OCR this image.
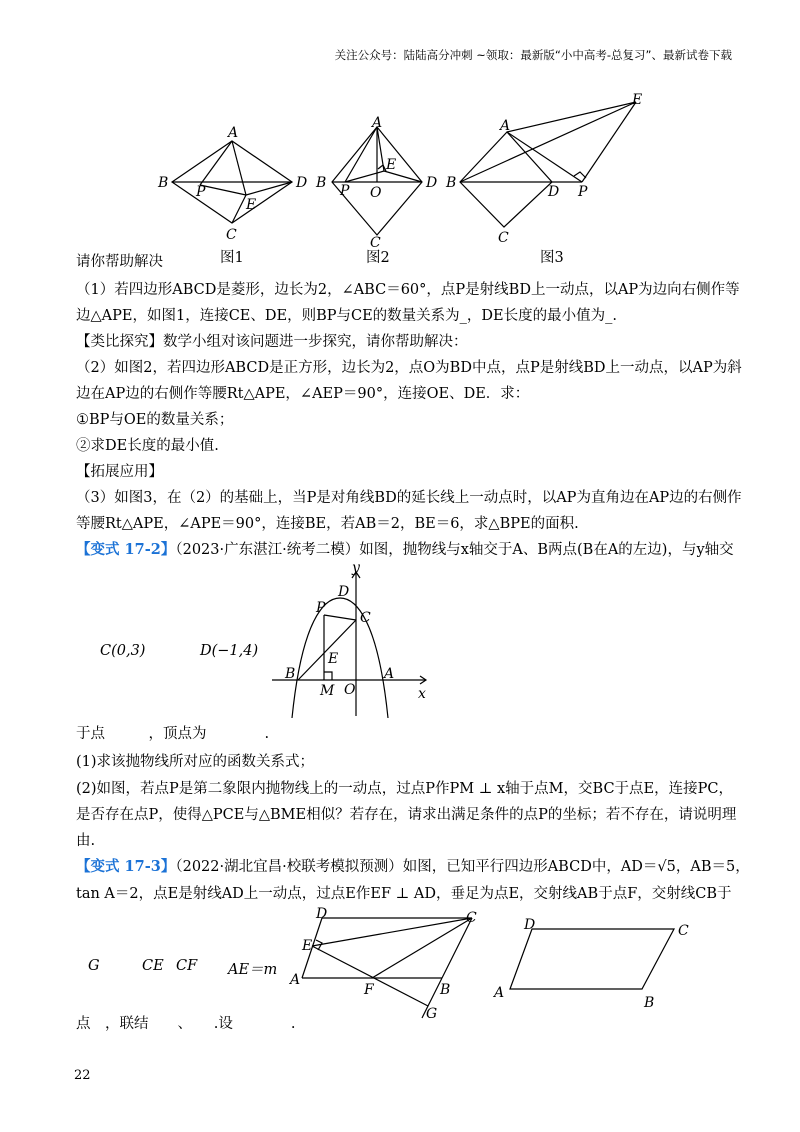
关注公众号：陆陆高分冲刺 ~领取：最新版“小中高考-总复习”、最新试卷下载
B
A
D
P
E
C
图1
B
A
D
P O
E
C
图2
B
A
D P
E
C
图3
请你帮助解决
（1）若四边形ABCD是菱形，边长为2，∠ABC＝60°，点P是射线BD上一动点，以AP为边向右侧作等
边△APE，如图1，连接CE、DE，则BP与CE的数量关系为_，DE长度的最小值为_.
【类比探究】数学小组对该问题进一步探究，请你帮助解决：
（2）如图2，若四边形ABCD是正方形，边长为2，点O为BD中点，点P是射线BD上一动点，以AP为斜
边在AP边的右侧作等腰Rt△APE，∠AEP＝90°，连接OE、DE．求：
①BP与OE的数量关系；
②求DE长度的最小值.
【拓展应用】
（3）如图3，在（2）的基础上，当P是对角线BD的延长线上一动点时，以AP为直角边在AP边的右侧作
等腰Rt△APE，∠APE＝90°，连接BE，若AB＝2，BE＝6，求△BPE的面积.
【变式 17-2】（2023·广东湛江·统考二模）如图，抛物线与x轴交于A、B两点(B在A的左边)，与y轴交
C(0,3)	D(−1,4)
y
x
D
P
C
E
B	A
M O
于点　　　，顶点为　　　　.
(1)求该抛物线所对应的函数关系式；
(2)如图，若点P是第二象限内抛物线上的一动点，过点P作PM ⊥ x轴于点M，交BC于点E，连接PC，
是否存在点P，使得△PCE与△BME相似？若存在，请求出满足条件的点P的坐标；若不存在，请说明理
由.
【变式 17-3】（2022·湖北宜昌·校联考模拟预测）如图，已知平行四边形ABCD中，AD＝√5，AB＝5，
tan A＝2，点E是射线AD上一动点，过点E作EF ⊥ AD，垂足为点E，交射线AB于点F，交射线CB于
G	CE CF AE＝m
D	C
E
A
B
F
G
D	C
A
B
点　，联结　　、　　.设　　　　.
22
